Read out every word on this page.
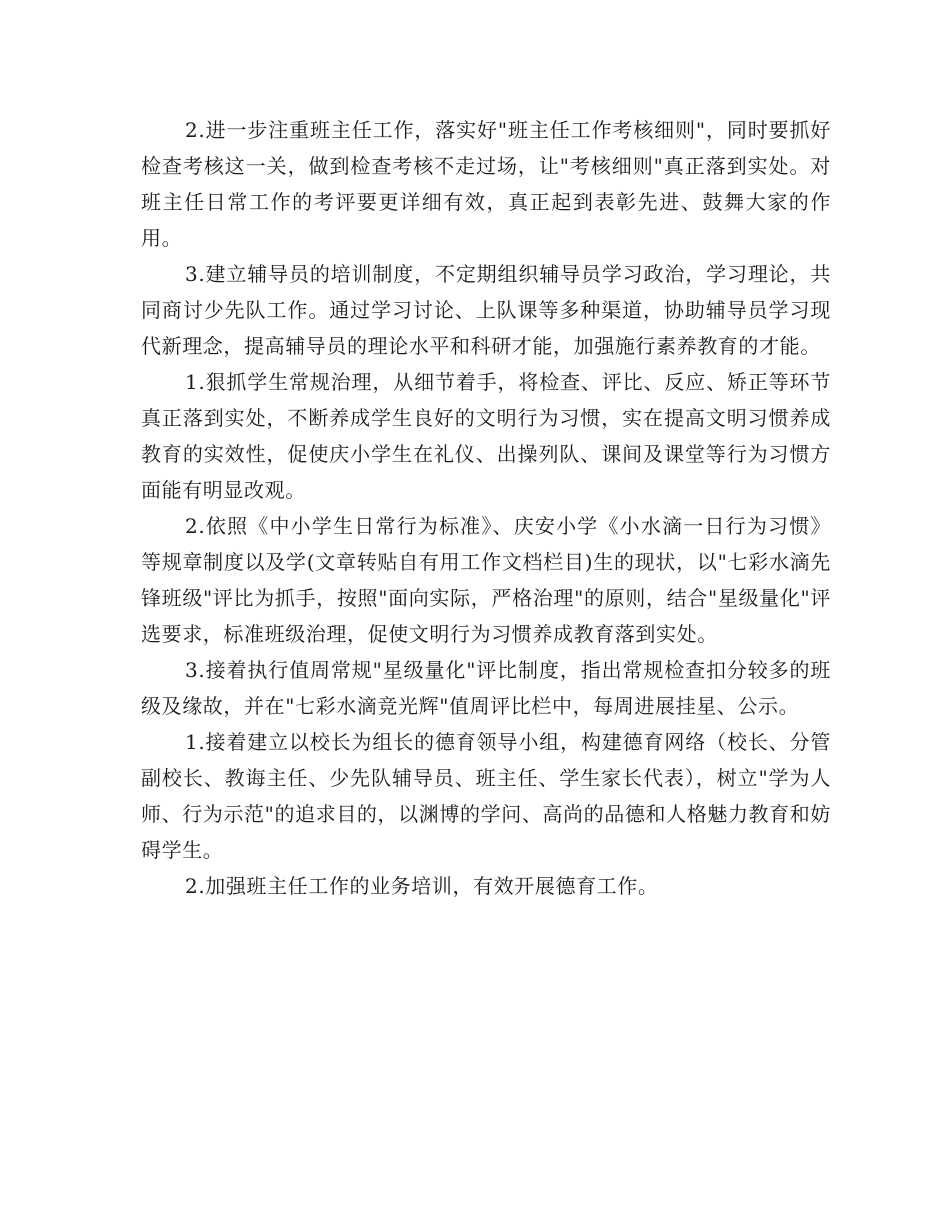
2.进一步注重班主任工作，落实好"班主任工作考核细则"，同时要抓好检查考核这一关，做到检查考核不走过场，让"考核细则"真正落到实处。对班主任日常工作的考评要更详细有效，真正起到表彰先进、鼓舞大家的作用。

3.建立辅导员的培训制度，不定期组织辅导员学习政治，学习理论，共同商讨少先队工作。通过学习讨论、上队课等多种渠道，协助辅导员学习现代新理念，提高辅导员的理论水平和科研才能，加强施行素养教育的才能。

1.狠抓学生常规治理，从细节着手，将检查、评比、反应、矫正等环节真正落到实处，不断养成学生良好的文明行为习惯，实在提高文明习惯养成教育的实效性，促使庆小学生在礼仪、出操列队、课间及课堂等行为习惯方面能有明显改观。

2.依照《中小学生日常行为标准》、庆安小学《小水滴一日行为习惯》等规章制度以及学(文章转贴自有用工作文档栏目)生的现状，以"七彩水滴先锋班级"评比为抓手，按照"面向实际，严格治理"的原则，结合"星级量化"评选要求，标准班级治理，促使文明行为习惯养成教育落到实处。

3.接着执行值周常规"星级量化"评比制度，指出常规检查扣分较多的班级及缘故，并在"七彩水滴竞光辉"值周评比栏中，每周进展挂星、公示。

1.接着建立以校长为组长的德育领导小组，构建德育网络（校长、分管副校长、教诲主任、少先队辅导员、班主任、学生家长代表），树立"学为人师、行为示范"的追求目的，以渊博的学问、高尚的品德和人格魅力教育和妨碍学生。

2.加强班主任工作的业务培训，有效开展德育工作。
